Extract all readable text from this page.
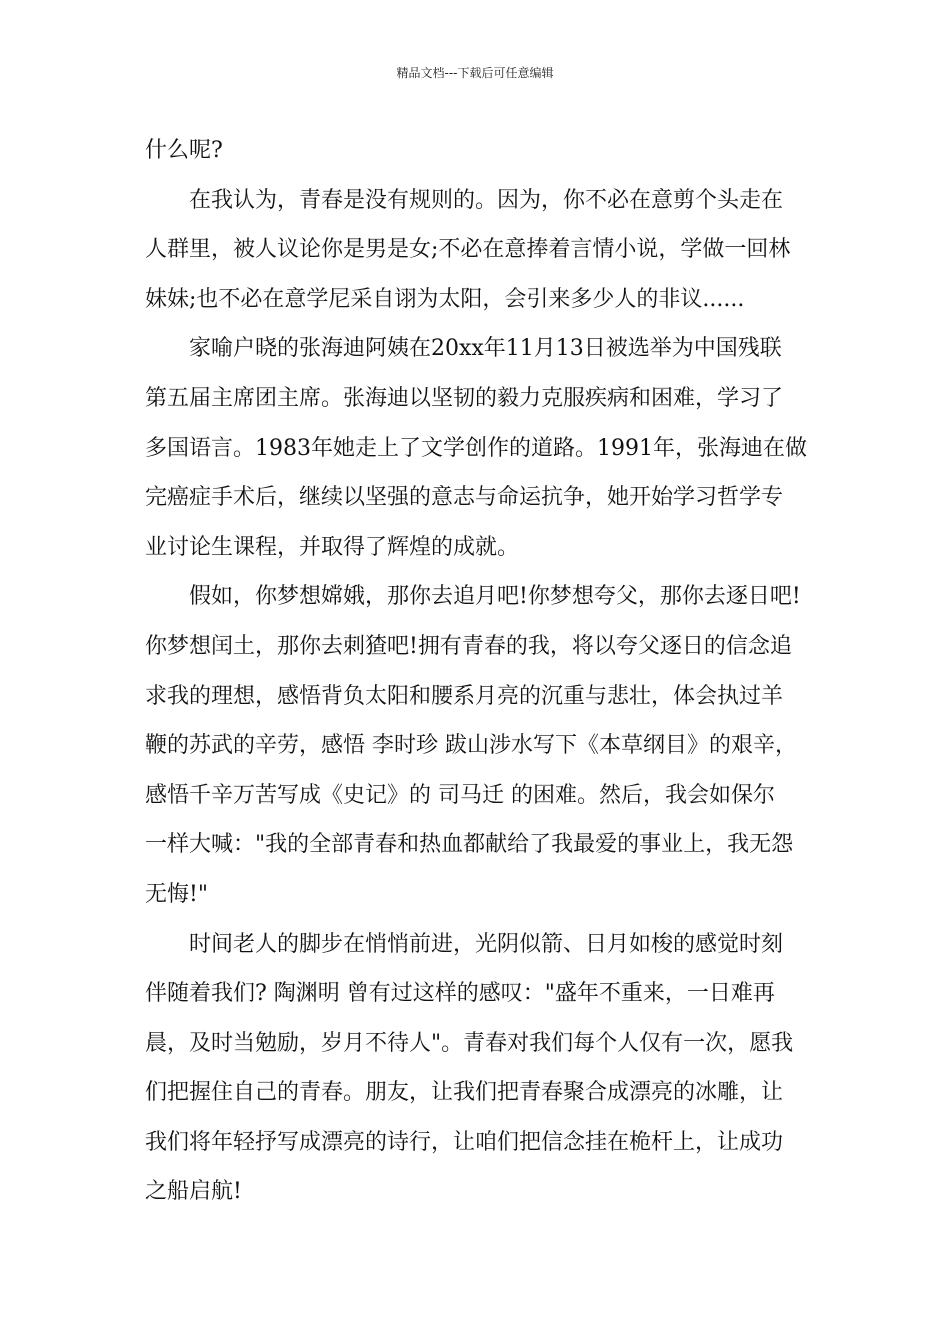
精品文档---下载后可任意编辑
什么呢?
在我认为，青春是没有规则的。因为，你不必在意剪个头走在
人群里，被人议论你是男是女;不必在意捧着言情小说，学做一回林
妹妹;也不必在意学尼采自诩为太阳，会引来多少人的非议......
家喻户晓的张海迪阿姨在20xx年11月13日被选举为中国残联
第五届主席团主席。张海迪以坚韧的毅力克服疾病和困难，学习了
多国语言。1983年她走上了文学创作的道路。1991年，张海迪在做
完癌症手术后，继续以坚强的意志与命运抗争，她开始学习哲学专
业讨论生课程，并取得了辉煌的成就。
假如，你梦想嫦娥，那你去追月吧!你梦想夸父，那你去逐日吧!
你梦想闰土，那你去刺猹吧!拥有青春的我，将以夸父逐日的信念追
求我的理想，感悟背负太阳和腰系月亮的沉重与悲壮，体会执过羊
鞭的苏武的辛劳，感悟 李时珍 跋山涉水写下《本草纲目》的艰辛，
感悟千辛万苦写成《史记》的 司马迁 的困难。然后，我会如保尔
一样大喊："我的全部青春和热血都献给了我最爱的事业上，我无怨
无悔!"
时间老人的脚步在悄悄前进，光阴似箭、日月如梭的感觉时刻
伴随着我们? 陶渊明 曾有过这样的感叹："盛年不重来，一日难再
晨，及时当勉励，岁月不待人"。青春对我们每个人仅有一次，愿我
们把握住自己的青春。朋友，让我们把青春聚合成漂亮的冰雕，让
我们将年轻抒写成漂亮的诗行，让咱们把信念挂在桅杆上，让成功
之船启航!
